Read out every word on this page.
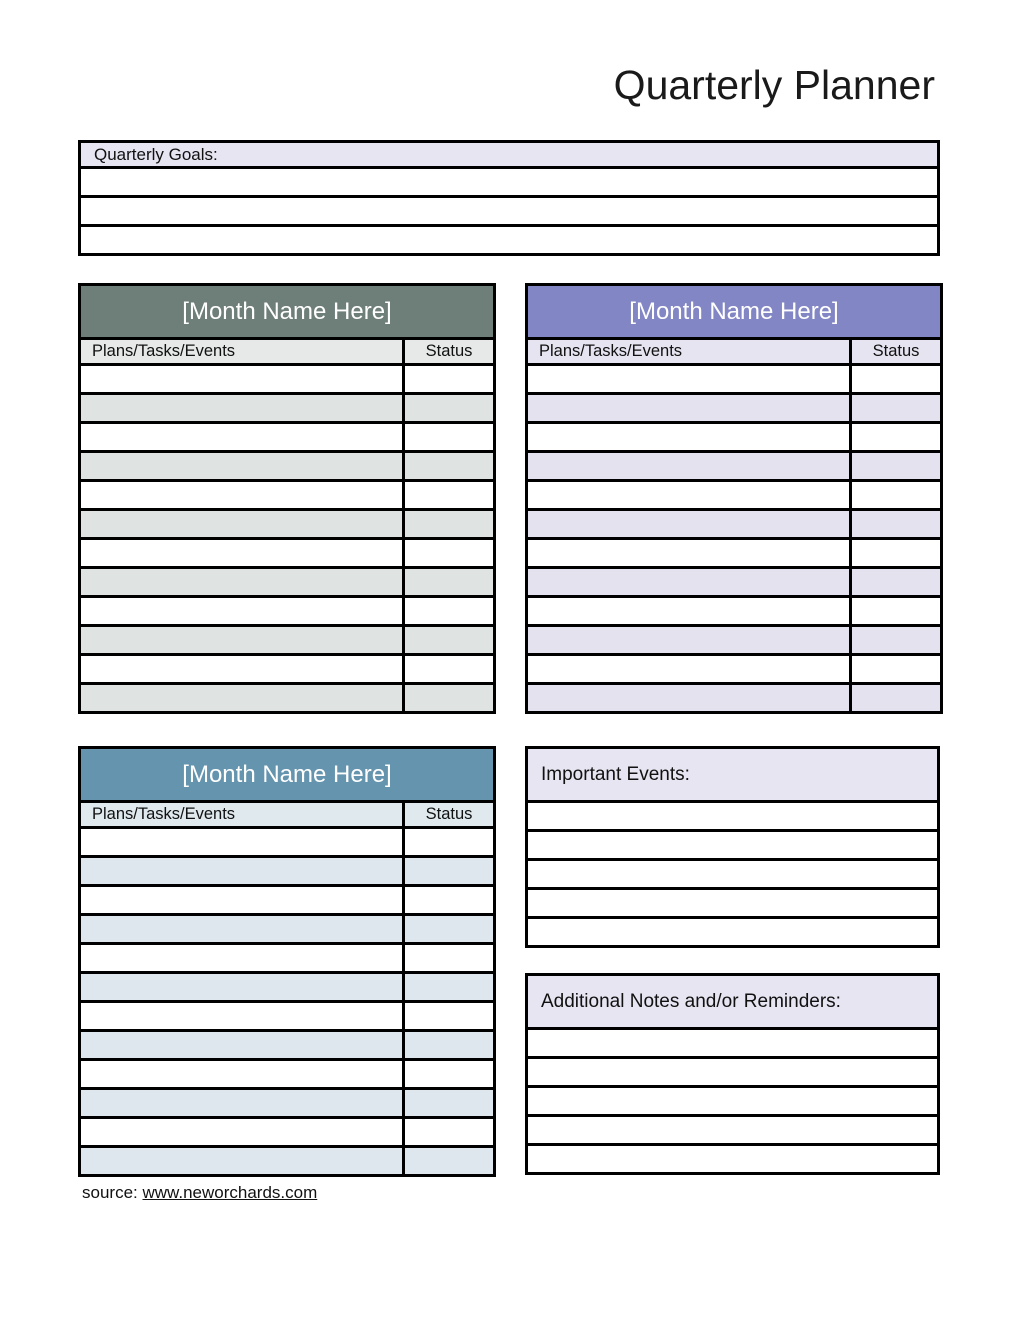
Quarterly Planner
Quarterly Goals:

[Month Name Here]	
Plans/Tasks/Events	Status

[Month Name Here]	
Plans/Tasks/Events	Status

[Month Name Here]	
Plans/Tasks/Events	Status

Important Events:

Additional Notes and/or Reminders:

source: www.neworchards.com
